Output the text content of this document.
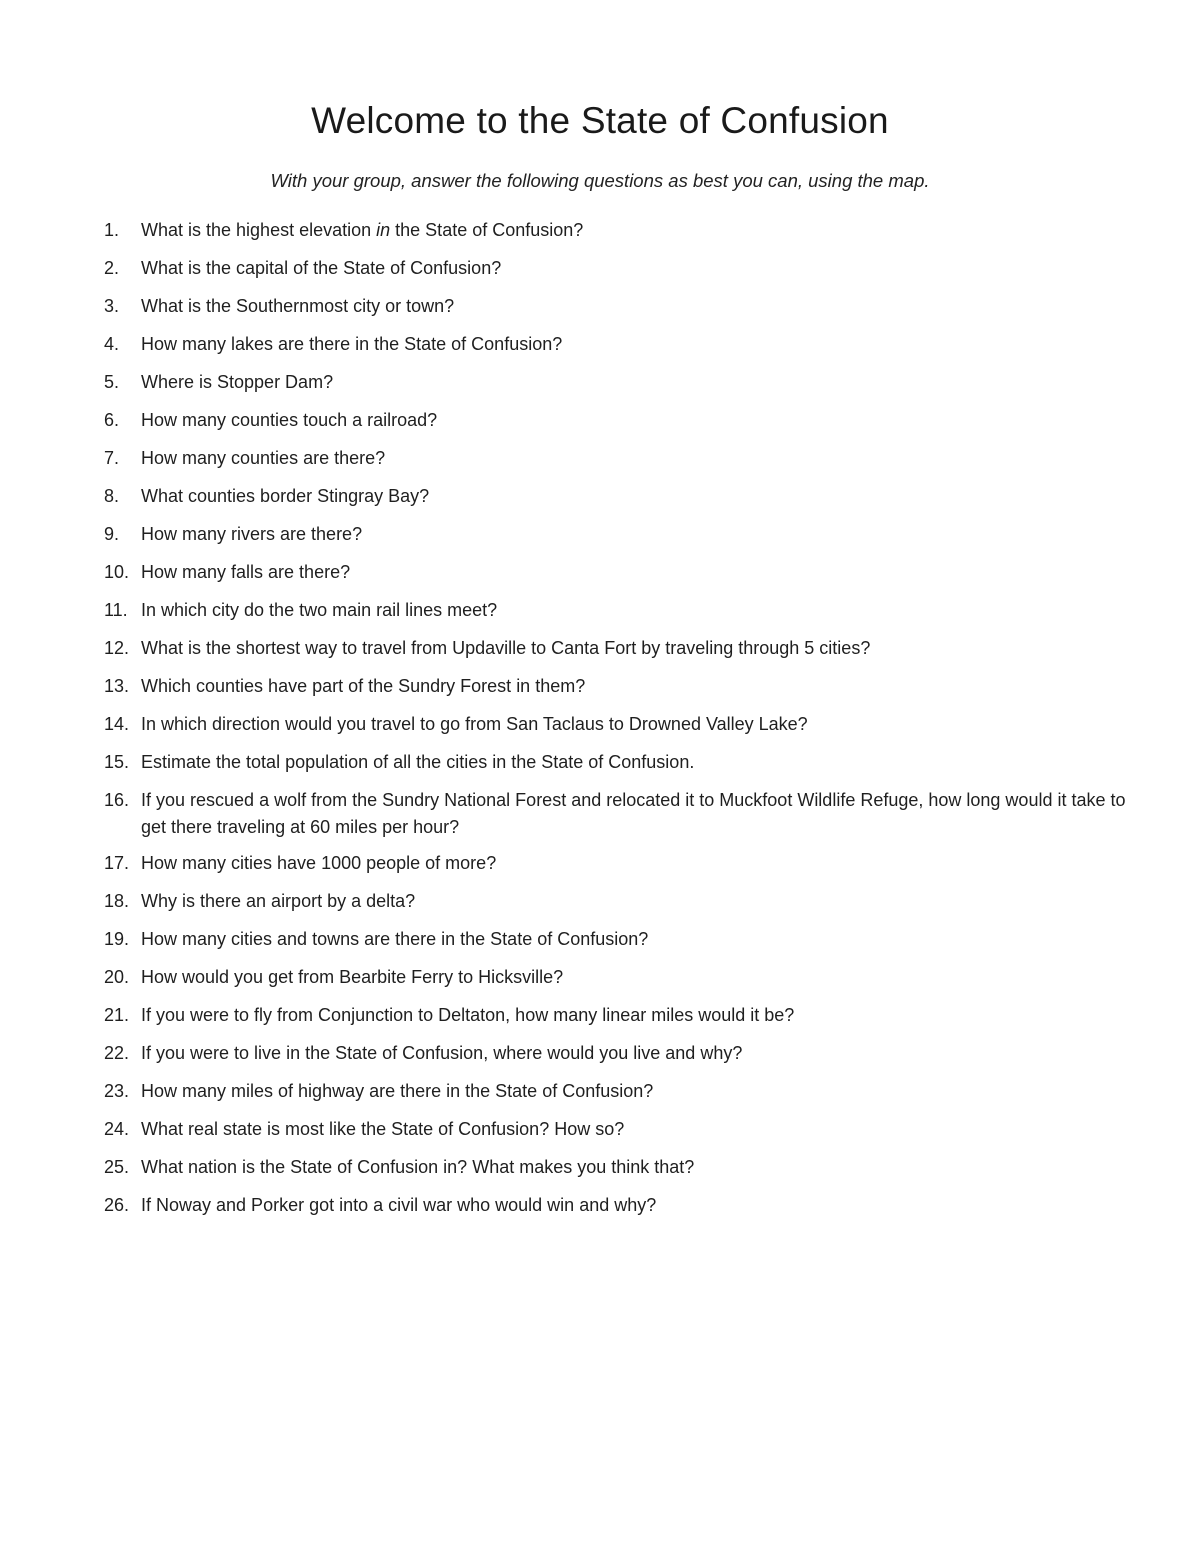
Welcome to the State of Confusion

With your group, answer the following questions as best you can, using the map.

1.	What is the highest elevation in the State of Confusion?
2.	What is the capital of the State of Confusion?
3.	What is the Southernmost city or town?
4.	How many lakes are there in the State of Confusion?
5.	Where is Stopper Dam?
6.	How many counties touch a railroad?
7.	How many counties are there?
8.	What counties border Stingray Bay?
9.	How many rivers are there?
10. How many falls are there?
11. In which city do the two main rail lines meet?
12. What is the shortest way to travel from Updaville to Canta Fort by traveling through 5 cities?
13. Which counties have part of the Sundry Forest in them?
14. In which direction would you travel to go from San Taclaus to Drowned Valley Lake?
15. Estimate the total population of all the cities in the State of Confusion.
16. If you rescued a wolf from the Sundry National Forest and relocated it to Muckfoot Wildlife Refuge, how long would it take to get there traveling at 60 miles per hour?
17. How many cities have 1000 people of more?
18. Why is there an airport by a delta?
19. How many cities and towns are there in the State of Confusion?
20. How would you get from Bearbite Ferry to Hicksville?
21. If you were to fly from Conjunction to Deltaton, how many linear miles would it be?
22. If you were to live in the State of Confusion, where would you live and why?
23. How many miles of highway are there in the State of Confusion?
24. What real state is most like the State of Confusion? How so?
25. What nation is the State of Confusion in? What makes you think that?
26. If Noway and Porker got into a civil war who would win and why?
